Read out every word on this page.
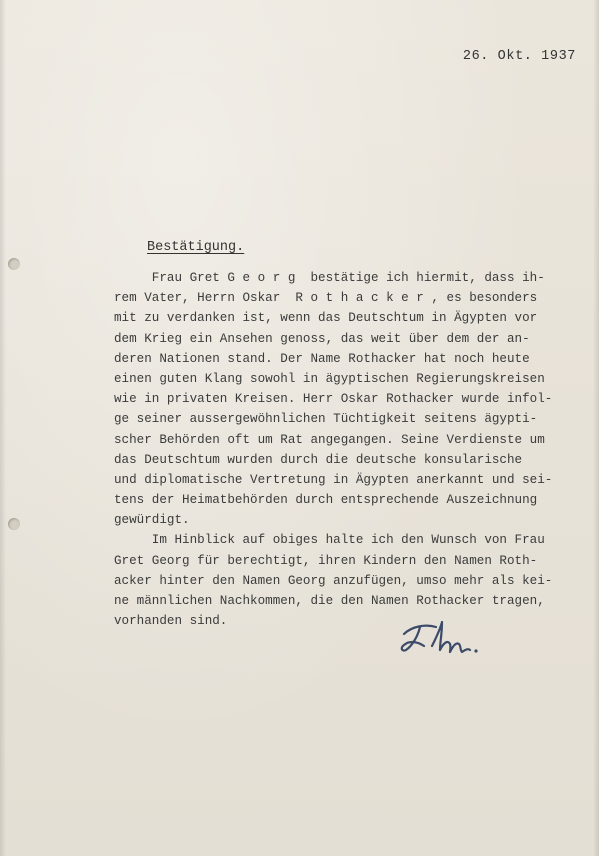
26. Okt. 1937
Bestätigung.
Frau Gret G e o r g  bestätige ich hiermit, dass ih-
rem Vater, Herrn Oskar  R o t h a c k e r , es besonders
mit zu verdanken ist, wenn das Deutschtum in Ägypten vor
dem Krieg ein Ansehen genoss, das weit über dem der an-
deren Nationen stand. Der Name Rothacker hat noch heute
einen guten Klang sowohl in ägyptischen Regierungskreisen
wie in privaten Kreisen. Herr Oskar Rothacker wurde infol-
ge seiner aussergewöhnlichen Tüchtigkeit seitens ägypti-
scher Behörden oft um Rat angegangen. Seine Verdienste um
das Deutschtum wurden durch die deutsche konsularische
und diplomatische Vertretung in Ägypten anerkannt und sei-
tens der Heimatbehörden durch entsprechende Auszeichnung
gewürdigt.
Im Hinblick auf obiges halte ich den Wunsch von Frau
Gret Georg für berechtigt, ihren Kindern den Namen Roth-
acker hinter den Namen Georg anzufügen, umso mehr als kei-
ne männlichen Nachkommen, die den Namen Rothacker tragen,
vorhanden sind.
